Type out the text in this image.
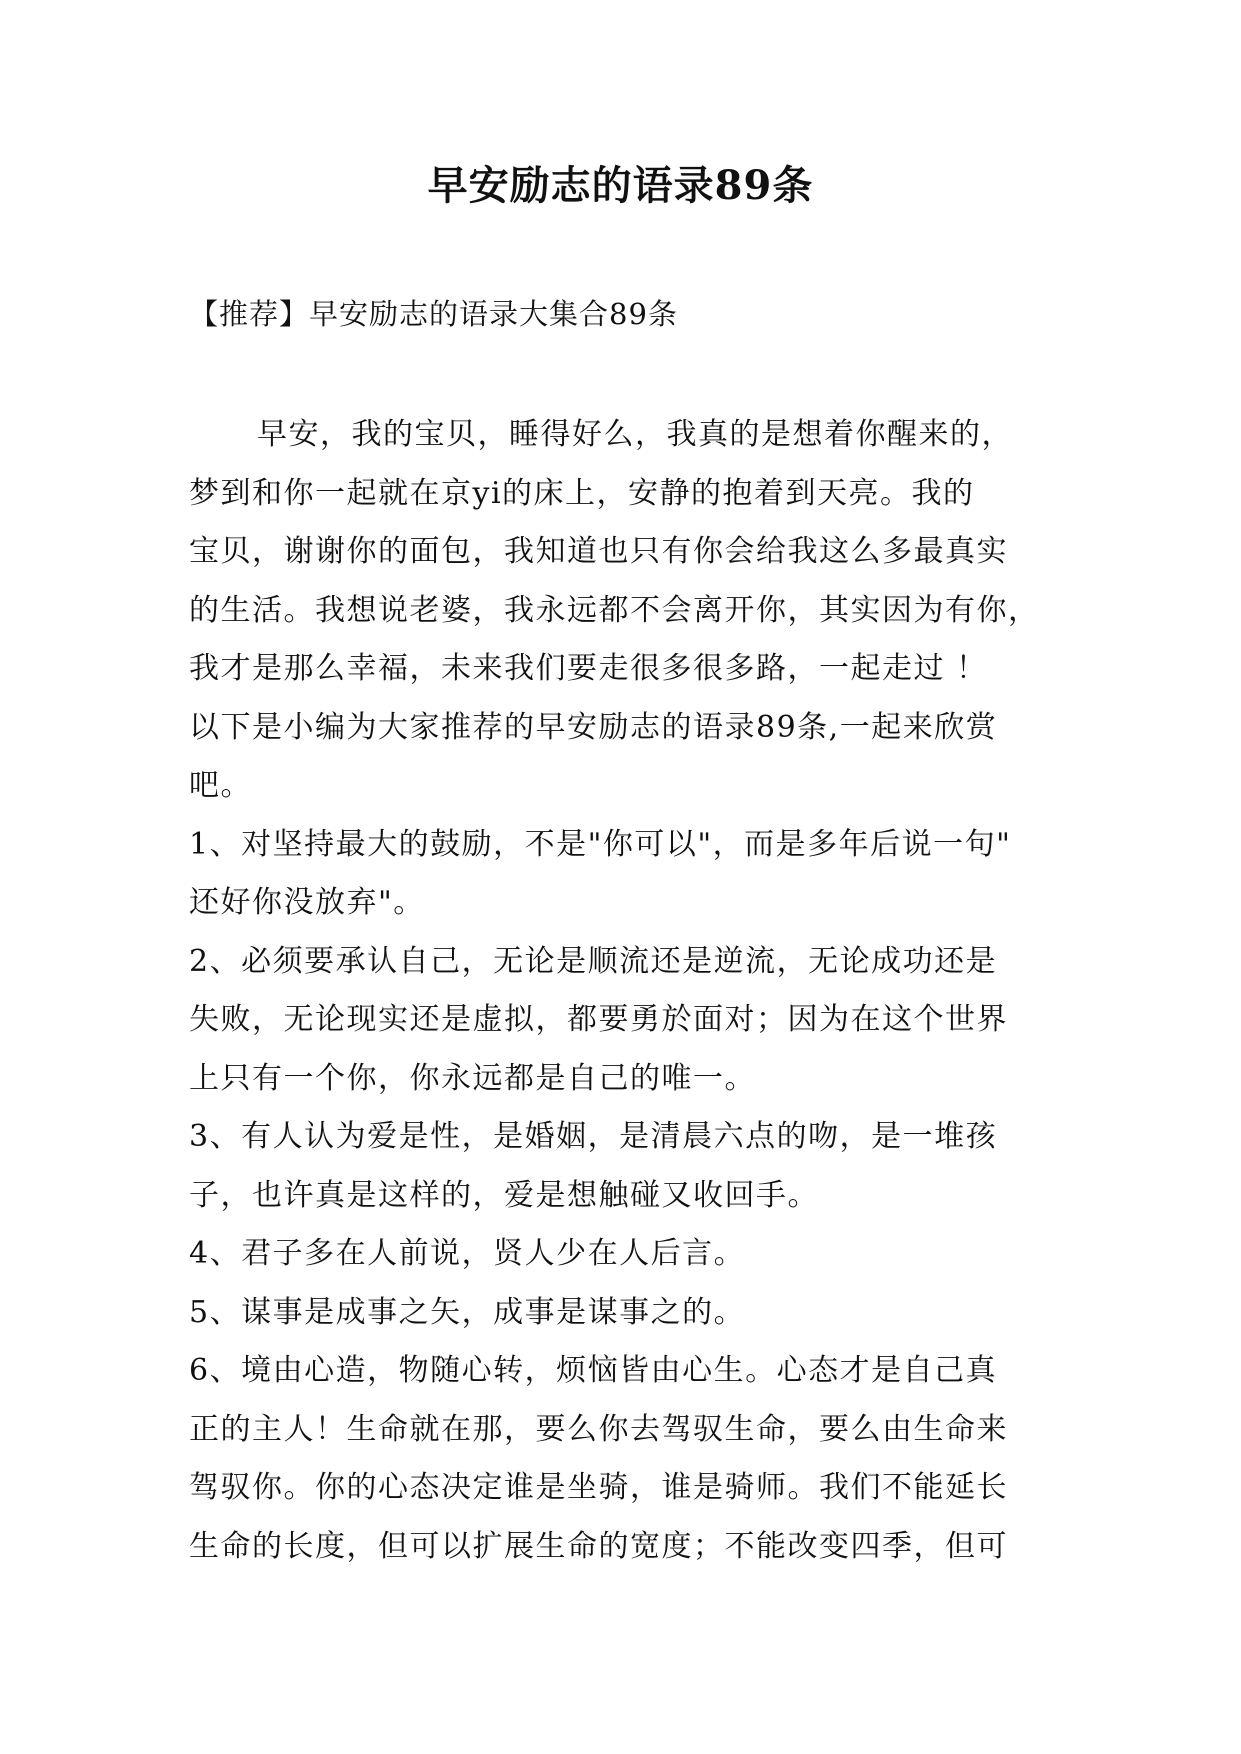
早安励志的语录89条
【推荐】早安励志的语录大集合89条
早安，我的宝贝，睡得好么，我真的是想着你醒来的，
梦到和你一起就在京yi的床上，安静的抱着到天亮。我的
宝贝，谢谢你的面包，我知道也只有你会给我这么多最真实
的生活。我想说老婆，我永远都不会离开你，其实因为有你，
我才是那么幸福，未来我们要走很多很多路，一起走过 ！
以下是小编为大家推荐的早安励志的语录89条,一起来欣赏
吧。
1、对坚持最大的鼓励，不是"你可以"，而是多年后说一句"
还好你没放弃"。
2、必须要承认自己，无论是顺流还是逆流，无论成功还是
失败，无论现实还是虚拟，都要勇於面对；因为在这个世界
上只有一个你，你永远都是自己的唯一。
3、有人认为爱是性，是婚姻，是清晨六点的吻，是一堆孩
子，也许真是这样的，爱是想触碰又收回手。
4、君子多在人前说，贤人少在人后言。
5、谋事是成事之矢，成事是谋事之的。
6、境由心造，物随心转，烦恼皆由心生。心态才是自己真
正的主人！生命就在那，要么你去驾驭生命，要么由生命来
驾驭你。你的心态决定谁是坐骑，谁是骑师。我们不能延长
生命的长度，但可以扩展生命的宽度；不能改变四季，但可
